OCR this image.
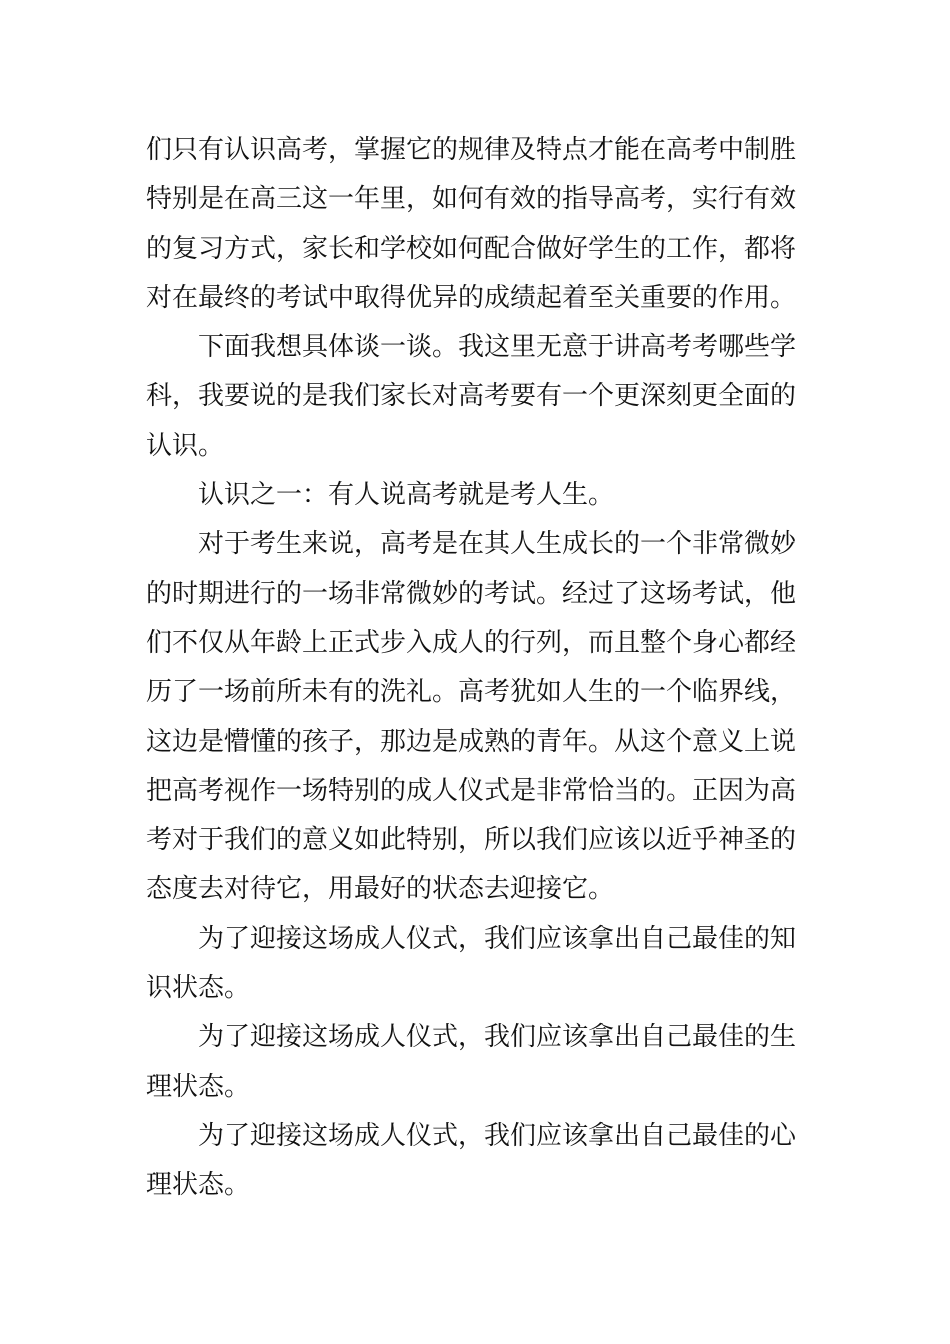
们只有认识高考，掌握它的规律及特点才能在高考中制胜
特别是在高三这一年里，如何有效的指导高考，实行有效
的复习方式，家长和学校如何配合做好学生的工作，都将
对在最终的考试中取得优异的成绩起着至关重要的作用。
下面我想具体谈一谈。我这里无意于讲高考考哪些学
科，我要说的是我们家长对高考要有一个更深刻更全面的
认识。
认识之一：有人说高考就是考人生。
对于考生来说，高考是在其人生成长的一个非常微妙
的时期进行的一场非常微妙的考试。经过了这场考试，他
们不仅从年龄上正式步入成人的行列，而且整个身心都经
历了一场前所未有的洗礼。高考犹如人生的一个临界线，
这边是懵懂的孩子，那边是成熟的青年。从这个意义上说
把高考视作一场特别的成人仪式是非常恰当的。正因为高
考对于我们的意义如此特别，所以我们应该以近乎神圣的
态度去对待它，用最好的状态去迎接它。
为了迎接这场成人仪式，我们应该拿出自己最佳的知
识状态。
为了迎接这场成人仪式，我们应该拿出自己最佳的生
理状态。
为了迎接这场成人仪式，我们应该拿出自己最佳的心
理状态。
